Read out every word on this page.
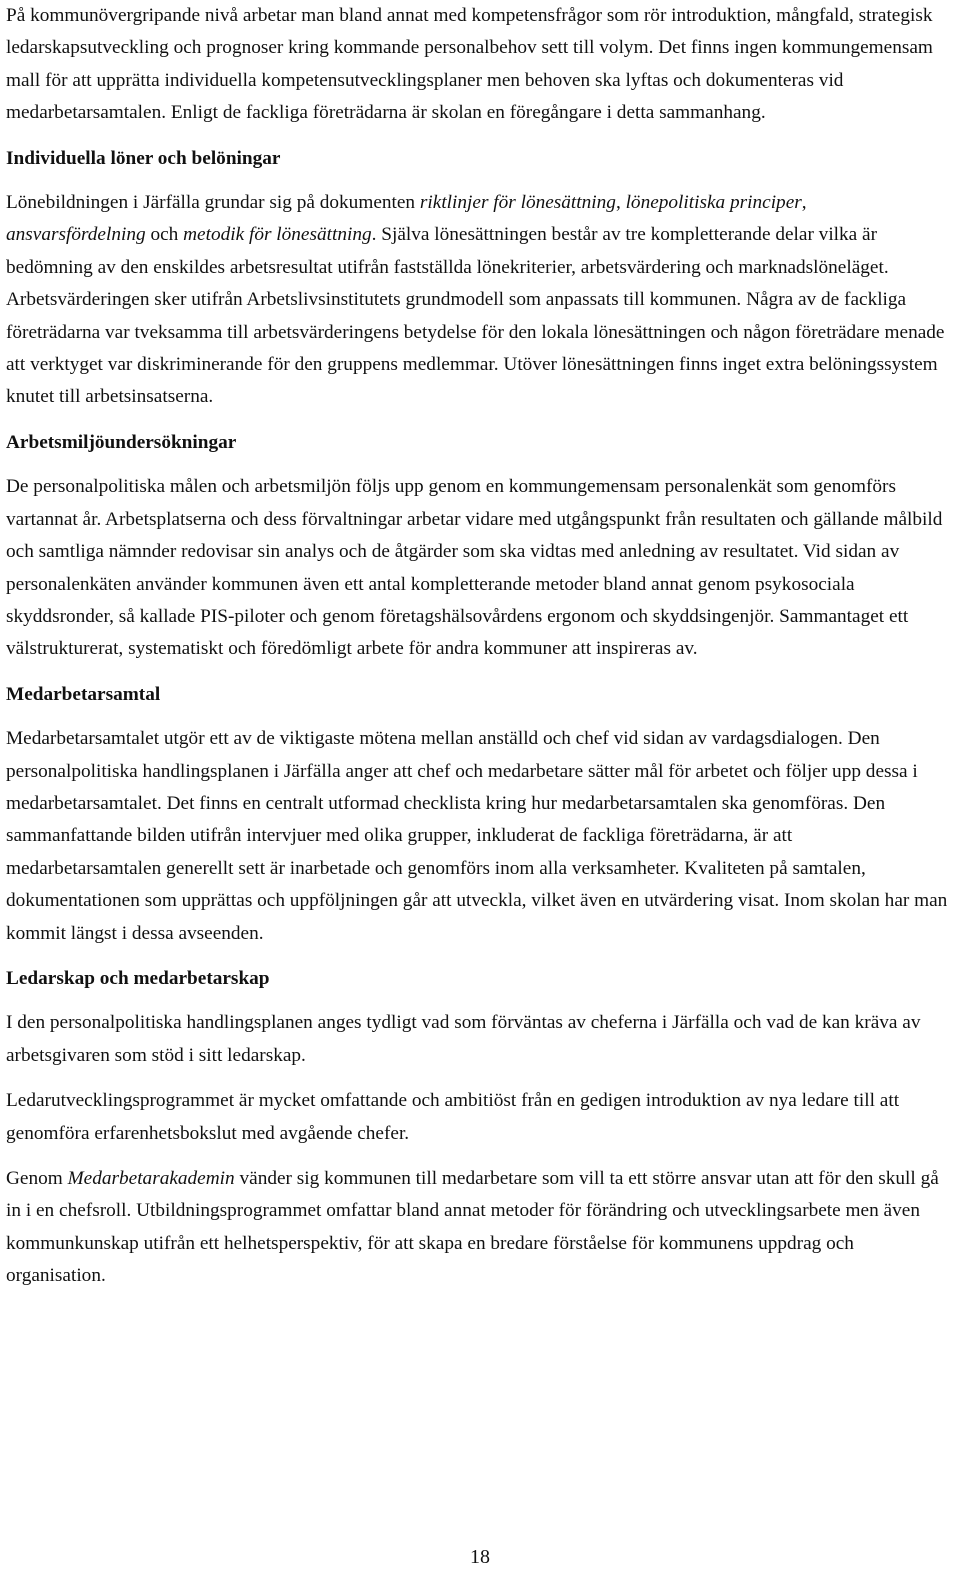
På kommunövergripande nivå arbetar man bland annat med kompetensfrågor som rör introduktion, mångfald, strategisk ledarskapsutveckling och prognoser kring kommande personalbehov sett till volym. Det finns ingen kommungemensam mall för att upprätta individuella kompetensutvecklingsplaner men behoven ska lyftas och dokumenteras vid medarbetarsamtalen. Enligt de fackliga företrädarna är skolan en föregångare i detta sammanhang.

Individuella löner och belöningar

Lönebildningen i Järfälla grundar sig på dokumenten riktlinjer för lönesättning, lönepolitiska principer, ansvarsfördelning och metodik för lönesättning. Själva lönesättningen består av tre kompletterande delar vilka är bedömning av den enskildes arbetsresultat utifrån fastställda lönekriterier, arbetsvärdering och marknadslöneläget. Arbetsvärderingen sker utifrån Arbetslivsinstitutets grundmodell som anpassats till kommunen. Några av de fackliga företrädarna var tveksamma till arbetsvärderingens betydelse för den lokala lönesättningen och någon företrädare menade att verktyget var diskriminerande för den gruppens medlemmar. Utöver lönesättningen finns inget extra belöningssystem knutet till arbetsinsatserna.

Arbetsmiljöundersökningar

De personalpolitiska målen och arbetsmiljön följs upp genom en kommungemensam personalenkät som genomförs vartannat år. Arbetsplatserna och dess förvaltningar arbetar vidare med utgångspunkt från resultaten och gällande målbild och samtliga nämnder redovisar sin analys och de åtgärder som ska vidtas med anledning av resultatet. Vid sidan av personalenkäten använder kommunen även ett antal kompletterande metoder bland annat genom psykosociala skyddsronder, så kallade PIS-piloter och genom företagshälsovårdens ergonom och skyddsingenjör. Sammantaget ett välstrukturerat, systematiskt och föredömligt arbete för andra kommuner att inspireras av.

Medarbetarsamtal

Medarbetarsamtalet utgör ett av de viktigaste mötena mellan anställd och chef vid sidan av vardagsdialogen. Den personalpolitiska handlingsplanen i Järfälla anger att chef och medarbetare sätter mål för arbetet och följer upp dessa i medarbetarsamtalet. Det finns en centralt utformad checklista kring hur medarbetarsamtalen ska genomföras. Den sammanfattande bilden utifrån intervjuer med olika grupper, inkluderat de fackliga företrädarna, är att medarbetarsamtalen generellt sett är inarbetade och genomförs inom alla verksamheter. Kvaliteten på samtalen, dokumentationen som upprättas och uppföljningen går att utveckla, vilket även en utvärdering visat. Inom skolan har man kommit längst i dessa avseenden.

Ledarskap och medarbetarskap

I den personalpolitiska handlingsplanen anges tydligt vad som förväntas av cheferna i Järfälla och vad de kan kräva av arbetsgivaren som stöd i sitt ledarskap.

Ledarutvecklingsprogrammet är mycket omfattande och ambitiöst från en gedigen introduktion av nya ledare till att genomföra erfarenhetsbokslut med avgående chefer.

Genom Medarbetarakademin vänder sig kommunen till medarbetare som vill ta ett större ansvar utan att för den skull gå in i en chefsroll. Utbildningsprogrammet omfattar bland annat metoder för förändring och utvecklingsarbete men även kommunkunskap utifrån ett helhetsperspektiv, för att skapa en bredare förståelse för kommunens uppdrag och organisation.

18
